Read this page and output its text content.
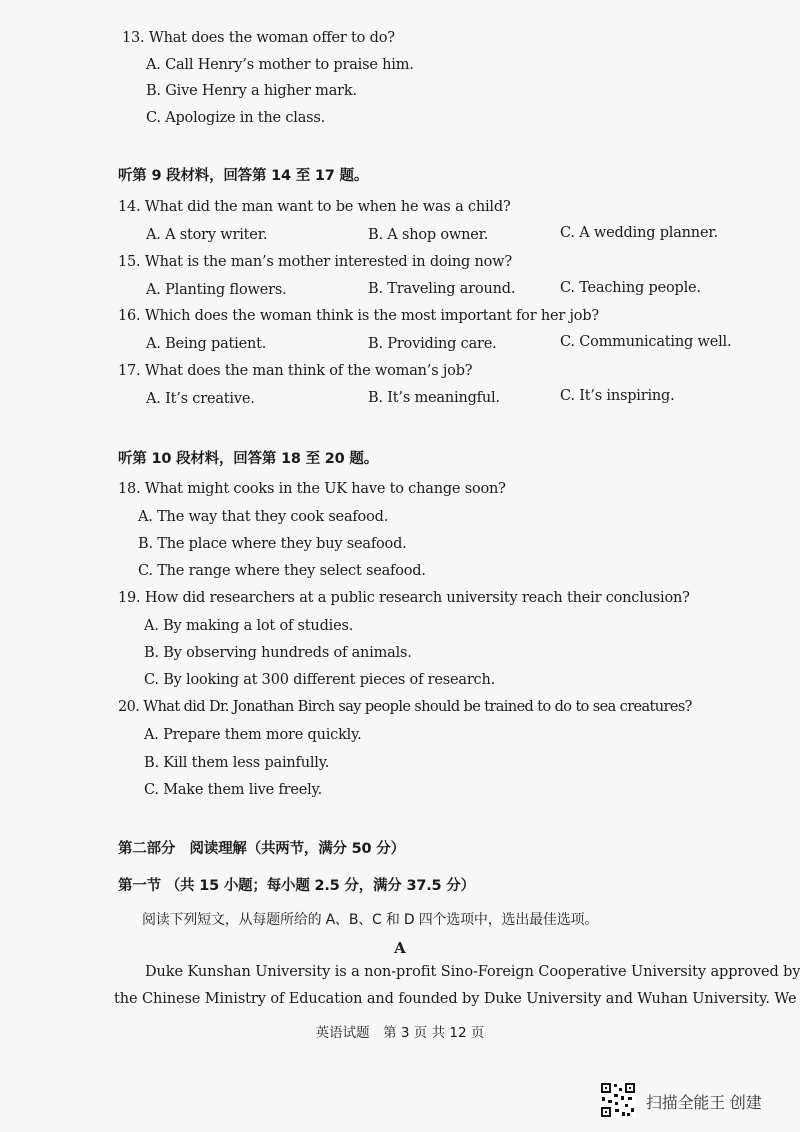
13. What does the woman offer to do?
A. Call Henry’s mother to praise him.
B. Give Henry a higher mark.
C. Apologize in the class.
听第 9 段材料，回答第 14 至 17 题。
14. What did the man want to be when he was a child?
A. A story writer.	B. A shop owner.	C. A wedding planner.
15. What is the man’s mother interested in doing now?
A. Planting flowers.	B. Traveling around.	C. Teaching people.
16. Which does the woman think is the most important for her job?
A. Being patient.	B. Providing care.	C. Communicating well.
17. What does the man think of the woman’s job?
A. It’s creative.	B. It’s meaningful.	C. It’s inspiring.
听第 10 段材料，回答第 18 至 20 题。
18. What might cooks in the UK have to change soon?
A. The way that they cook seafood.
B. The place where they buy seafood.
C. The range where they select seafood.
19. How did researchers at a public research university reach their conclusion?
A. By making a lot of studies.
B. By observing hundreds of animals.
C. By looking at 300 different pieces of research.
20. What did Dr. Jonathan Birch say people should be trained to do to sea creatures?
A. Prepare them more quickly.
B. Kill them less painfully.
C. Make them live freely.
第二部分　阅读理解（共两节，满分 50 分）
第一节 （共 15 小题；每小题 2.5 分，满分 37.5 分）
阅读下列短文，从每题所给的 A、B、C 和 D 四个选项中，选出最佳选项。
A
Duke Kunshan University is a non-profit Sino-Foreign Cooperative University approved by
the Chinese Ministry of Education and founded by Duke University and Wuhan University. We
英语试题　第 3 页 共 12 页
扫描全能王 创建
